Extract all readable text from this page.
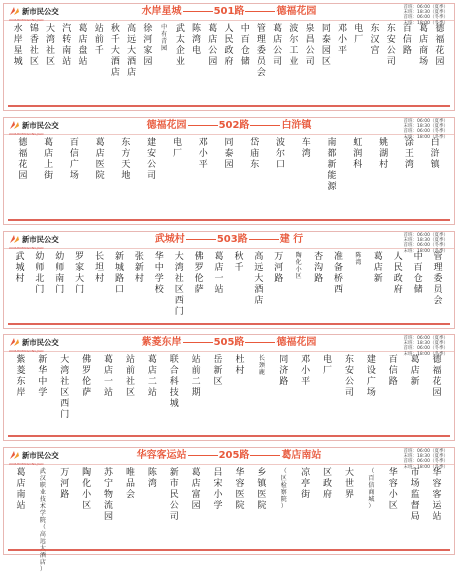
新市民公交
XINSHIMINGONGJIAO
水岸星城	501路	德福花园	首班：06:00（夏季）
末班：18:30（夏季）
首班：06:00（冬季）
末班：18:00（冬季）
水
岸
星
城
锦
香
社
区
大
湾
社
区
汽
转
南
站
葛
店
盘
站
站
前
千
秋
千
大
酒
店
高
远
大
酒
店
徐
河
家
园
中
有
青
园
武
太
企
业
陈
湾
电
葛
店
公
园
人
民
政
府
中
百
仓
储
管
理
委
员
会
葛
店
公
司
波
尔
工
业
泉
昌
公
司
同
泰
园
区
邓
小
平
电
厂
东
汉
宫
东
安
公
司
百
信
路
葛
店
商
场
德
福
花
园
新市民公交
XINSHIMINGONGJIAO
德福花园	502路	白浒镇	首班：06:00（夏季）
末班：18:30（夏季）
首班：06:00（冬季）
末班：18:00（冬季）
德
福
花
园
葛
店
上
街
百
信
广
场
葛
店
医
院
东
方
天
地
建
安
公
司
电
厂
邓
小
平
同
泰
园
岱
庙
东
波
尔
口
车
湾
南
都
新
能
源
虹
润
科
姚
湖
村
涂
王
湾
白
浒
镇
新市民公交
XINSHIMINGONGJIAO
武城村	503路	建 行	首班：06:00（夏季）
末班：18:30（夏季）
首班：06:00（冬季）
末班：18:00（冬季）
武
城
村
幼
师
北
门
幼
师
南
门
罗
家
大
门
长
坦
村
新
城
路
口
张
新
村
华
中
学
校
大
湾
社
区
西
门
佛
罗
伦
萨
葛
店
一
站
秋
千
高
远
大
酒
店
万
河
路
陶
化
小
区
杏
沟
路
准
备
桥
西
陈
湾
葛
店
新
人
民
政
府
中
百
仓
储
管
理
委
员
会
新市民公交
XINSHIMINGONGJIAO
紫菱东岸	505路	德福花园	首班：06:00（夏季）
末班：18:30（夏季）
首班：06:00（冬季）
末班：18:00（冬季）
紫
菱
东
岸
新
华
中
学
大
湾
社
区
西
门
佛
罗
伦
萨
葛
店
一
站
站
前
社
区
葛
店
二
站
联
合
科
技
城
站
前
二
期
岳
新
区
杜
村
长
颈
鹿
同
济
路
邓
小
平
电
厂
东
安
公
司
建
设
广
场
百
信
路
葛
店
新
德
福
花
园
新市民公交
XINSHIMINGONGJIAO
华容客运站	205路	葛店南站	首班：06:00（夏季）
末班：18:30（夏季）
首班：06:00（冬季）
末班：18:00（冬季）
葛
店
南
站
武
汉
职
业
技
术
学
院
（
高
远
酒
店
）
万
河
路
陶
化
小
区
苏
宁
物
流
园
唯
品
会
陈
湾
新
市
民
公
司
葛
店
富
园
吕
宋
小
学
华
容
医
院
乡
镇
医
院
（
区
检
察
院
）
凉
亭
街
区
政
府
大
世
界
（
百
信
商
城
）
华
容
小
区
市
场
监
督
局
华
容
客
运
站
